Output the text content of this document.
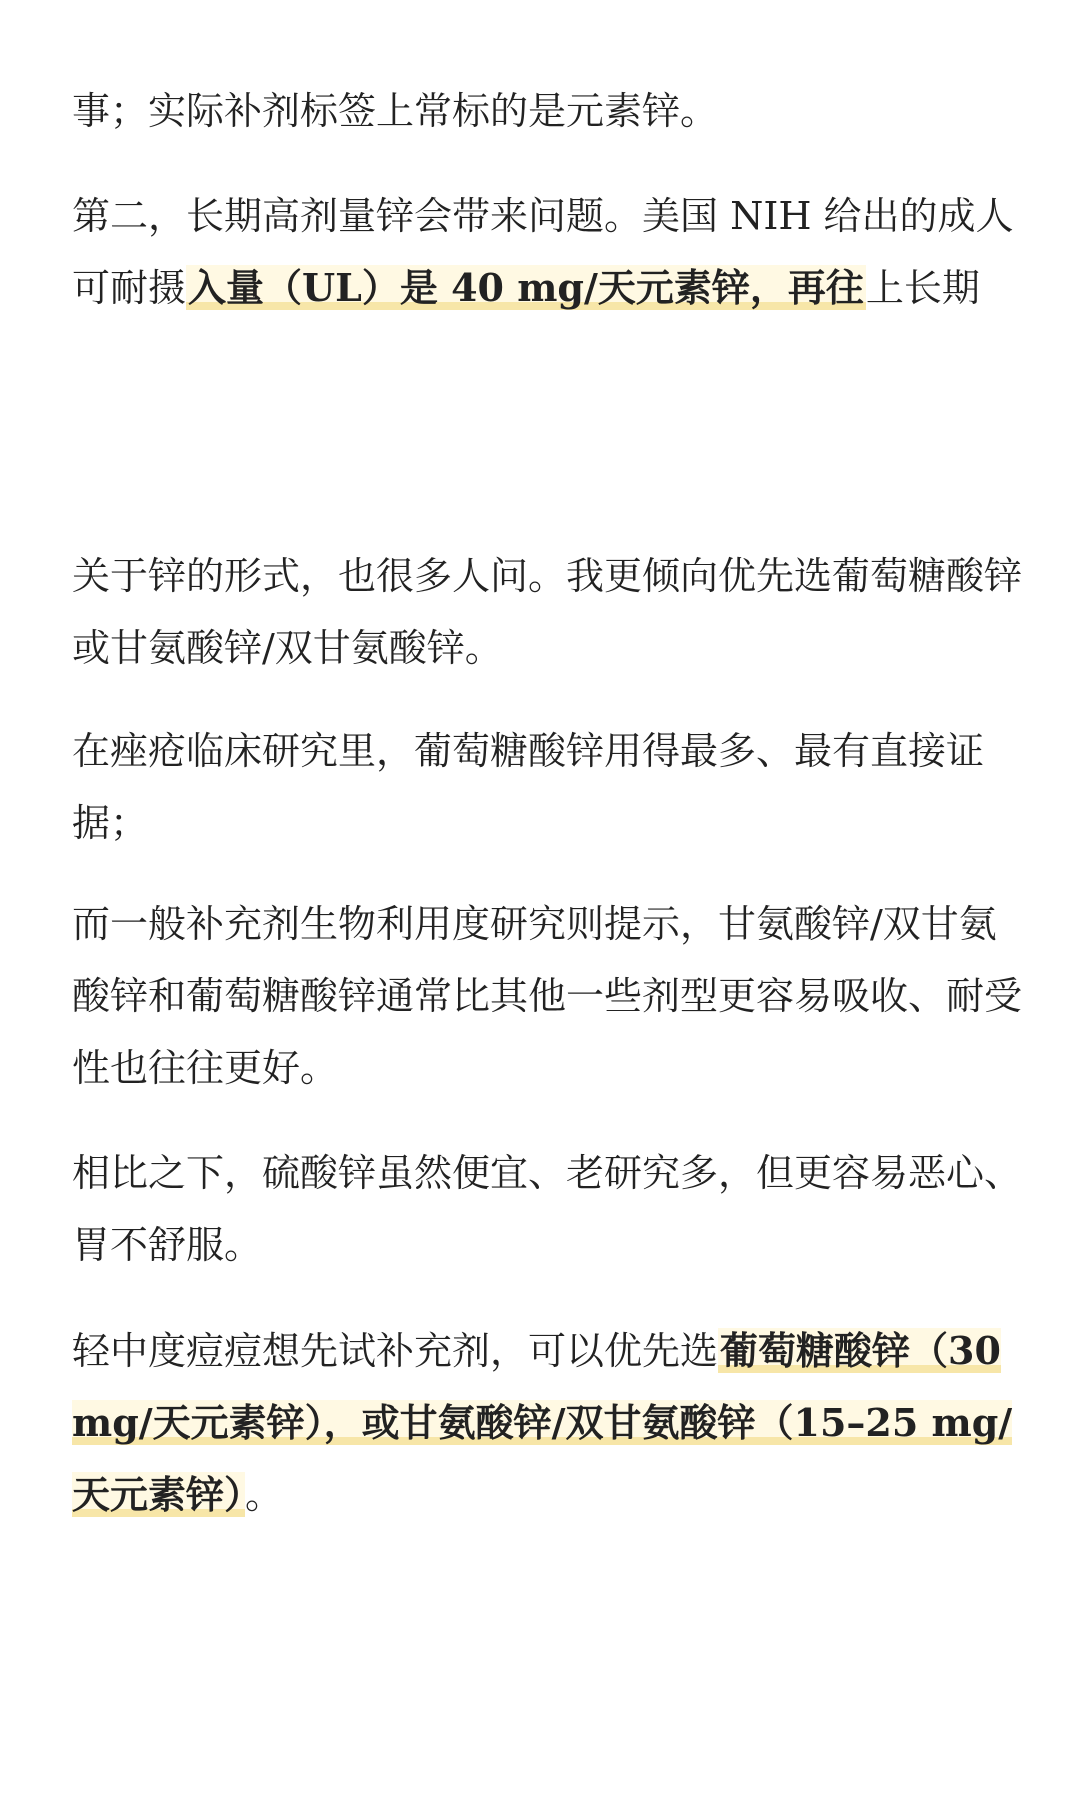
事；实际补剂标签上常标的是元素锌。

第二，长期高剂量锌会带来问题。美国 NIH 给出的成人可耐摄入量（UL）是 40 mg/天元素锌，再往上长期

关于锌的形式，也很多人问。我更倾向优先选葡萄糖酸锌或甘氨酸锌/双甘氨酸锌。

在痤疮临床研究里，葡萄糖酸锌用得最多、最有直接证据；

而一般补充剂生物利用度研究则提示，甘氨酸锌/双甘氨酸锌和葡萄糖酸锌通常比其他一些剂型更容易吸收、耐受性也往往更好。

相比之下，硫酸锌虽然便宜、老研究多，但更容易恶心、胃不舒服。

轻中度痘痘想先试补充剂，可以优先选葡萄糖酸锌（30 mg/天元素锌），或甘氨酸锌/双甘氨酸锌（15–25 mg/天元素锌）。
